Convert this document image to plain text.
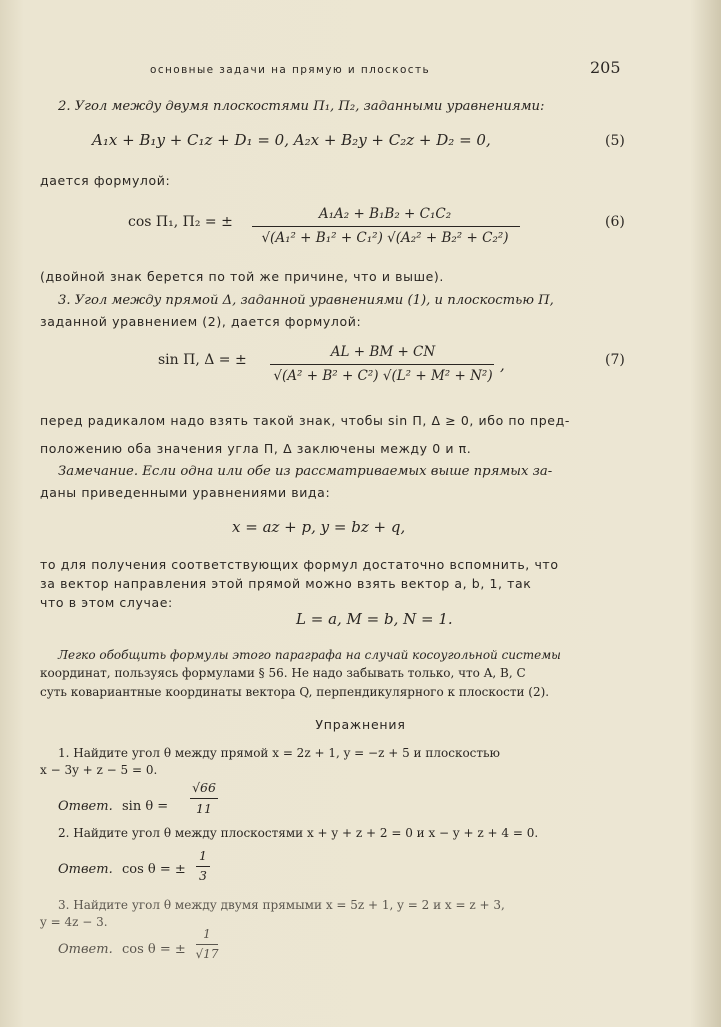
основные задачи на прямую и плоскость	205
2. Угол между двумя плоскостями Π₁, Π₂, заданными уравнениями:
A₁x + B₁y + C₁z + D₁ = 0, A₂x + B₂y + C₂z + D₂ = 0,	(5)
дается формулой:
cos Π₁, Π₂ = ±	A₁A₂ + B₁B₂ + C₁C₂
√(A₁² + B₁² + C₁²) √(A₂² + B₂² + C₂²)
(6)
(двойной знак берется по той же причине, что и выше).
3. Угол между прямой Δ, заданной уравнениями (1), и плоскостью Π,
заданной уравнением (2), дается формулой:
sin Π, Δ = ±	AL + BM + CN
√(A² + B² + C²) √(L² + M² + N²)
,	(7)
перед радикалом надо взять такой знак, чтобы sin Π, Δ ≥ 0, ибо по пред-
положению оба значения угла Π, Δ заключены между 0 и π.
Замечание. Если одна или обе из рассматриваемых выше прямых за-
даны приведенными уравнениями вида:
x = az + p, y = bz + q,
то для получения соответствующих формул достаточно вспомнить, что
за вектор направления этой прямой можно взять вектор a, b, 1, так
что в этом случае:
L = a, M = b, N = 1.
Легко обобщить формулы этого параграфа на случай косоугольной системы
координат, пользуясь формулами § 56. Не надо забывать только, что A, B, C
суть ковариантные координаты вектора Q, перпендикулярного к плоскости (2).
Упражнения
1. Найдите угол θ между прямой x = 2z + 1, y = −z + 5 и плоскостью
x − 3y + z − 5 = 0.
Ответ. sin θ =
√66
11
2. Найдите угол θ между плоскостями x + y + z + 2 = 0 и x − y + z + 4 = 0.
Ответ. cos θ = ±
1
3
3. Найдите угол θ между двумя прямыми x = 5z + 1, y = 2 и x = z + 3,
y = 4z − 3.
Ответ. cos θ = ±
1
√17
